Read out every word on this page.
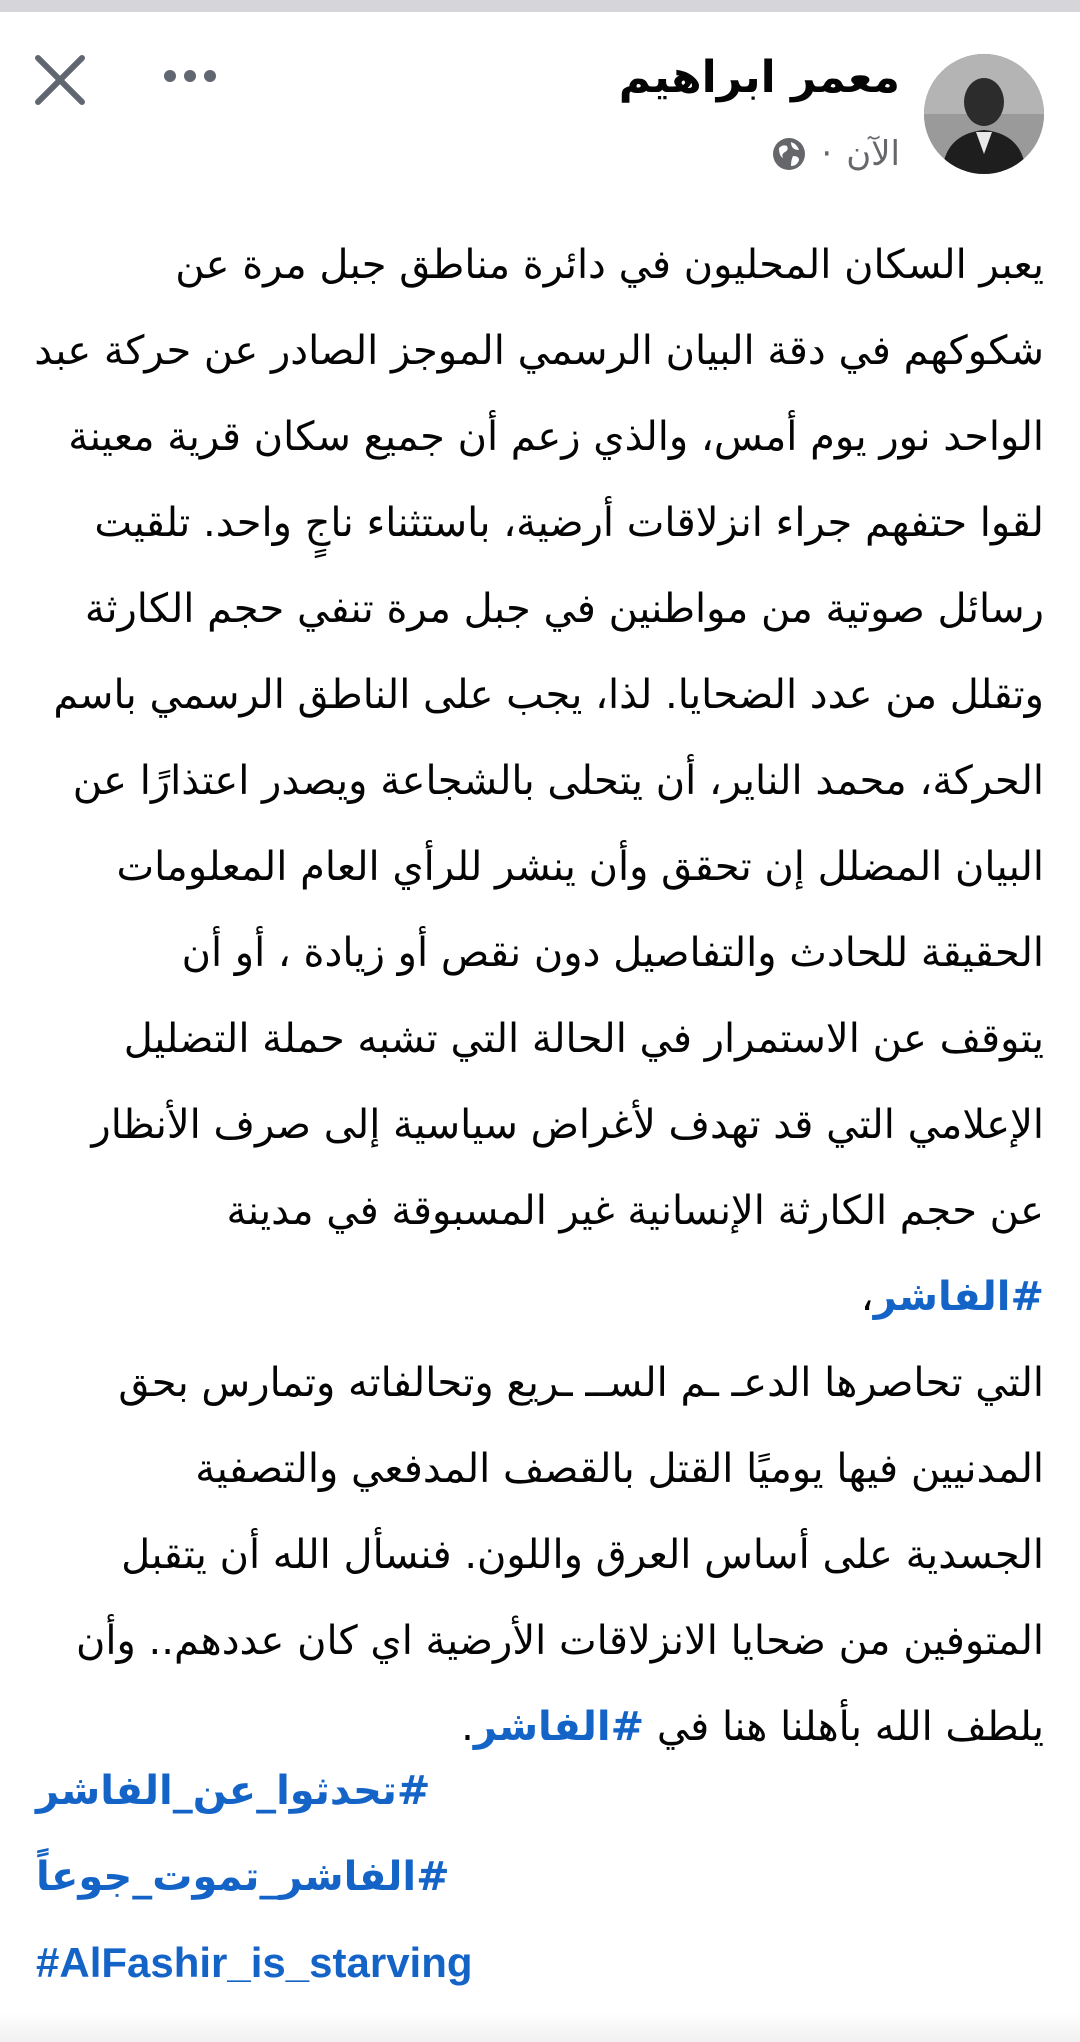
معمر ابراهيم
الآن
·
يعبر السكان المحليون في دائرة مناطق جبل مرة عن
شكوكهم في دقة البيان الرسمي الموجز الصادر عن حركة عبد
الواحد نور يوم أمس، والذي زعم أن جميع سكان قرية معينة
لقوا حتفهم جراء انزلاقات أرضية، باستثناء ناجٍ واحد. تلقيت
رسائل صوتية من مواطنين في جبل مرة تنفي حجم الكارثة
وتقلل من عدد الضحايا. لذا، يجب على الناطق الرسمي باسم
الحركة، محمد الناير، أن يتحلى بالشجاعة ويصدر اعتذارًا عن
البيان المضلل إن تحقق وأن ينشر للرأي العام المعلومات
الحقيقة للحادث والتفاصيل دون نقص أو زيادة ، أو أن
يتوقف عن الاستمرار في الحالة التي تشبه حملة التضليل
الإعلامي التي قد تهدف لأغراض سياسية إلى صرف الأنظار
عن حجم الكارثة الإنسانية غير المسبوقة في مدينة #الفاشر،
التي تحاصرها الدعـ ـم الســ ـريع وتحالفاته وتمارس بحق
المدنيين فيها يوميًا القتل بالقصف المدفعي والتصفية
الجسدية على أساس العرق واللون. فنسأل الله أن يتقبل
المتوفين من ضحايا الانزلاقات الأرضية اي كان عددهم.. وأن
يلطف الله بأهلنا هنا في #الفاشر.
#تحدثوا_عن_الفاشر
#الفاشر_تموت_جوعاً
#AlFashir_is_starving
